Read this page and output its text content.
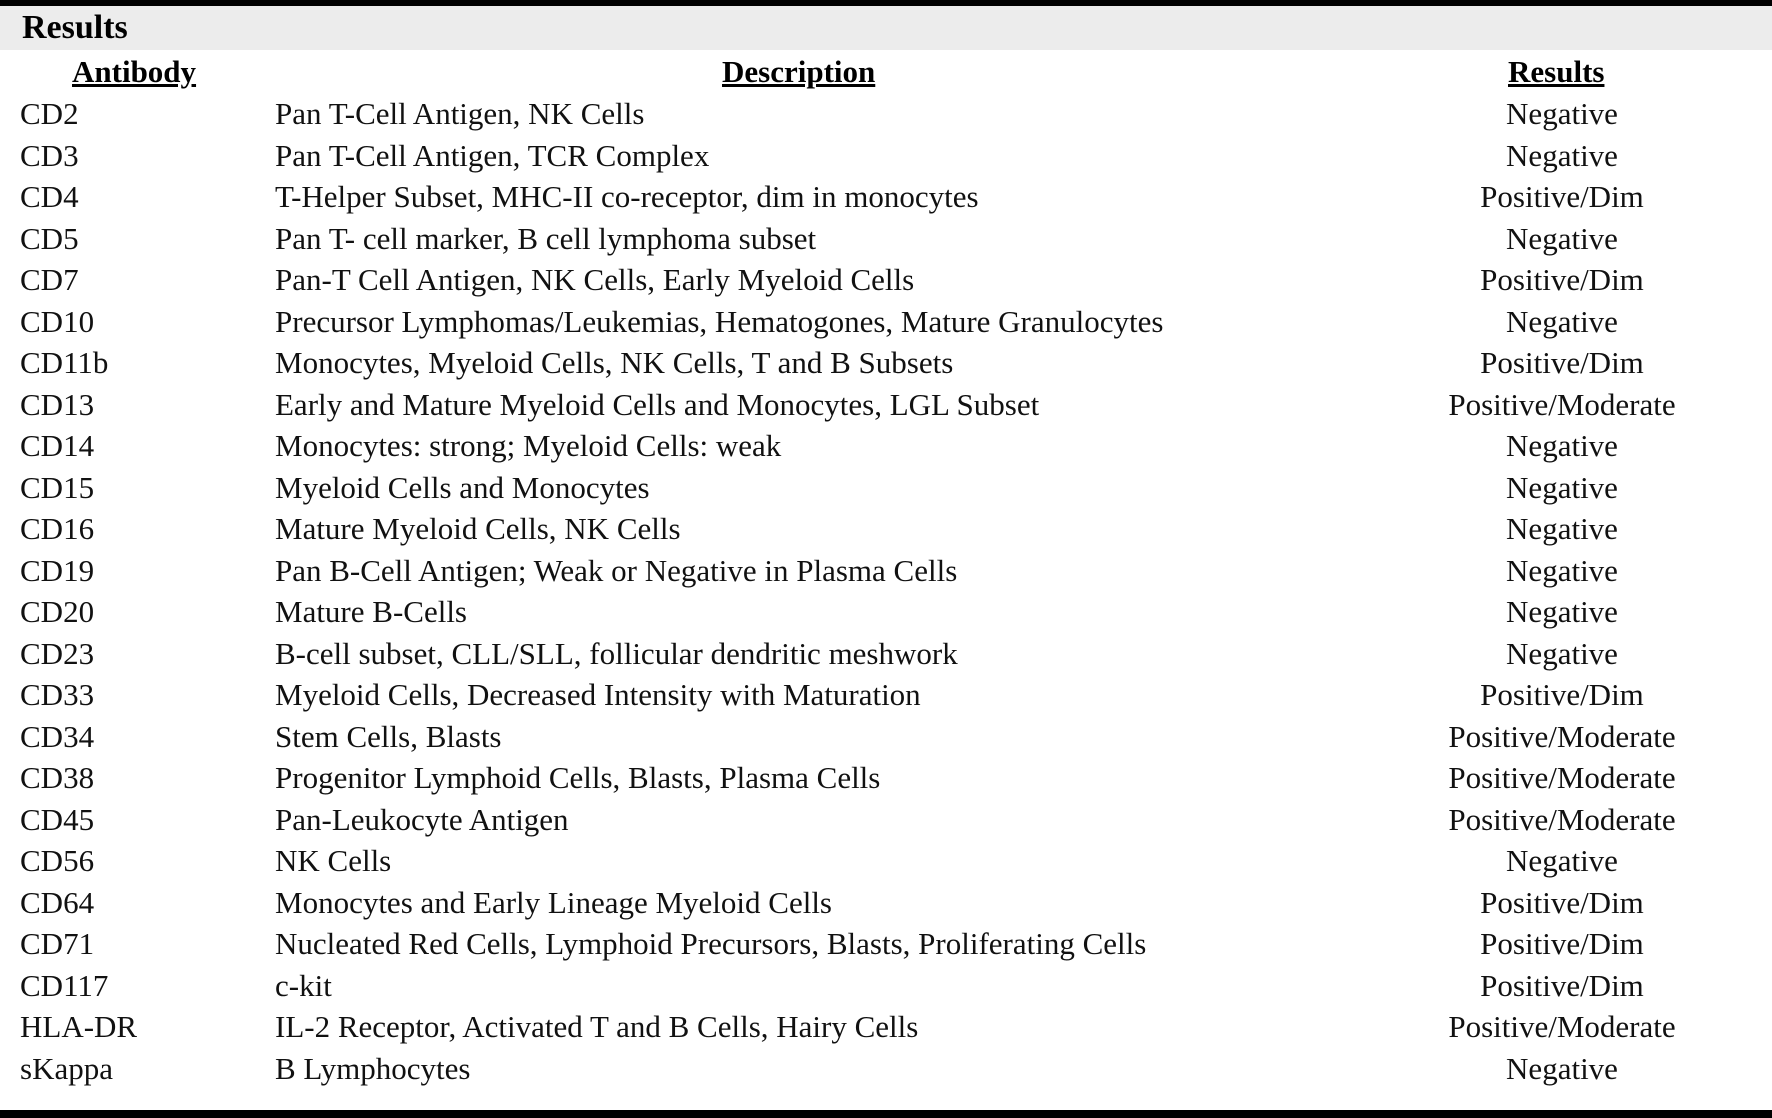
Results
Antibody	Description	Results
CD2	Pan T-Cell Antigen, NK Cells	Negative
CD3	Pan T-Cell Antigen, TCR Complex	Negative
CD4	T-Helper Subset, MHC-II co-receptor, dim in monocytes	Positive/Dim
CD5	Pan T- cell marker, B cell lymphoma subset	Negative
CD7	Pan-T Cell Antigen, NK Cells, Early Myeloid Cells	Positive/Dim
CD10	Precursor Lymphomas/Leukemias, Hematogones, Mature Granulocytes	Negative
CD11b	Monocytes, Myeloid Cells, NK Cells, T and B Subsets	Positive/Dim
CD13	Early and Mature Myeloid Cells and Monocytes, LGL Subset	Positive/Moderate
CD14	Monocytes: strong; Myeloid Cells: weak	Negative
CD15	Myeloid Cells and Monocytes	Negative
CD16	Mature Myeloid Cells, NK Cells	Negative
CD19	Pan B-Cell Antigen; Weak or Negative in Plasma Cells	Negative
CD20	Mature B-Cells	Negative
CD23	B-cell subset, CLL/SLL, follicular dendritic meshwork	Negative
CD33	Myeloid Cells, Decreased Intensity with Maturation	Positive/Dim
CD34	Stem Cells, Blasts	Positive/Moderate
CD38	Progenitor Lymphoid Cells, Blasts, Plasma Cells	Positive/Moderate
CD45	Pan-Leukocyte Antigen	Positive/Moderate
CD56	NK Cells	Negative
CD64	Monocytes and Early Lineage Myeloid Cells	Positive/Dim
CD71	Nucleated Red Cells, Lymphoid Precursors, Blasts, Proliferating Cells	Positive/Dim
CD117	c-kit	Positive/Dim
HLA-DR	IL-2 Receptor, Activated T and B Cells, Hairy Cells	Positive/Moderate
sKappa	B Lymphocytes	Negative
